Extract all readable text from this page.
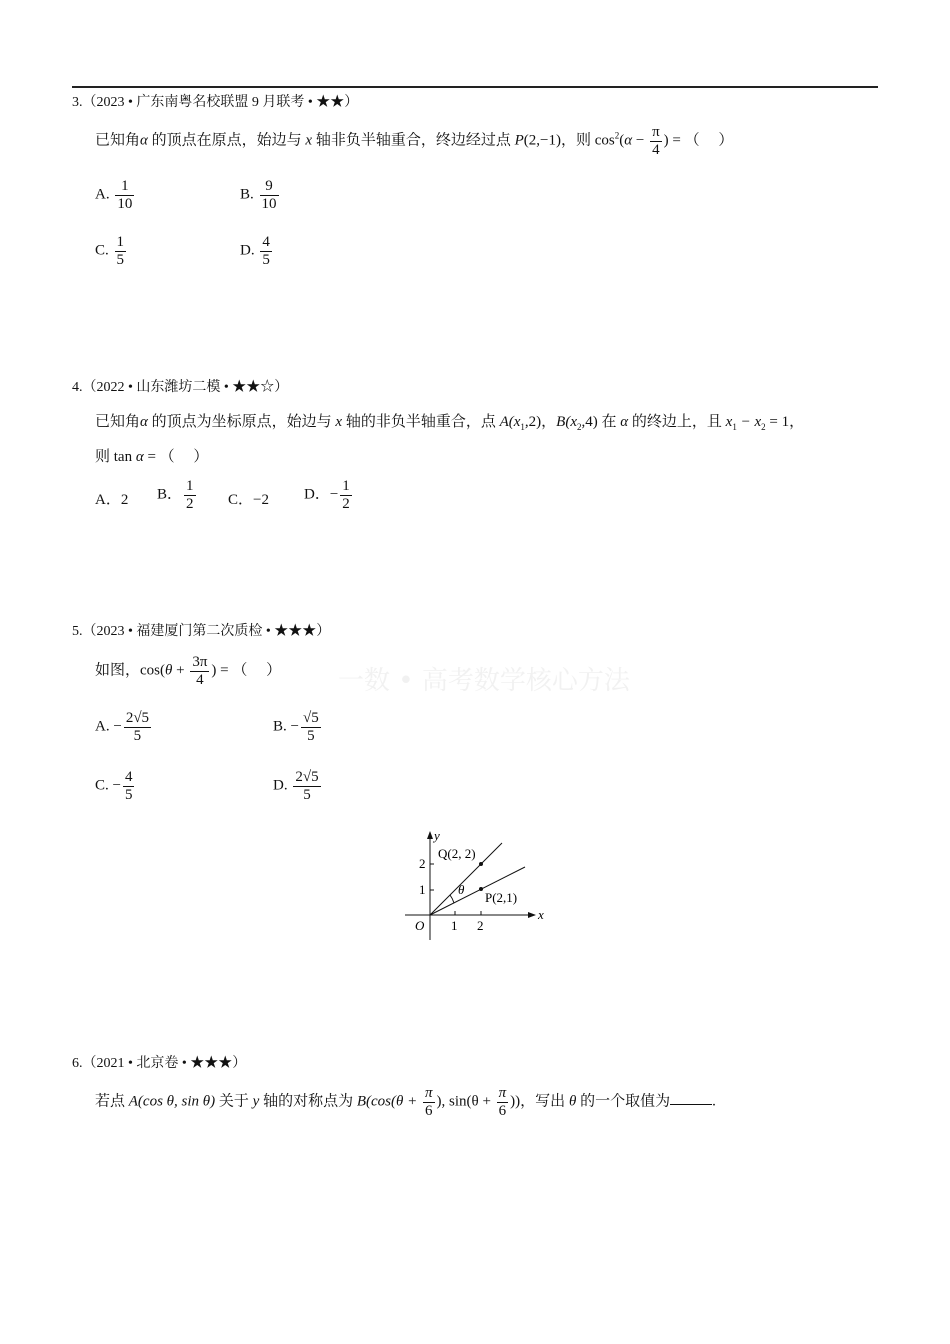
3.（2023 • 广东南粤名校联盟 9 月联考 • ★★）
已知角α 的顶点在原点，始边与 x 轴非负半轴重合，终边经过点 P(2,−1)，则 $\cos^2(\alpha - \frac{\pi}{4}$ ) = （　 ）
A. $\frac{1}{10}$	B. $\frac{9}{10}$
C. $\frac{1}{5}$	D. $\frac{4}{5}$
4.（2022 • 山东潍坊二模 • ★★☆）
已知角α 的顶点为坐标原点，始边与 x 轴的非负半轴重合，点 $A(x_1,2)$，$B(x_2,4)$ 在 α 的终边上，且 $x_1 - x_2 = 1$，
则 tan α = （　 ）
A．2 B． $\frac{1}{2}$ C．−2 D．− $\frac{1}{2}$
5.（2023 • 福建厦门第二次质检 • ★★★）
一数 • 高考数学核心方法
如图，$\cos(\theta + \frac{3\pi}{4}$ ) = （　 ）
A. − $\frac{2√5}{5}$	B. − $\frac{√5}{5}$
C. − $\frac{4}{5}$	D. $\frac{2√5}{5}$
y
x
O 1 2
1
2
Q(2, 2)
P(2,1)
θ
6.（2021 • 北京卷 • ★★★）
若点 A(cos θ, sin θ) 关于 y 轴的对称点为 $B(\cos(\theta + \frac{\pi}{6}$ ), $\sin(\theta + \frac{\pi}{6}$ ))，写出 θ 的一个取值为	.
